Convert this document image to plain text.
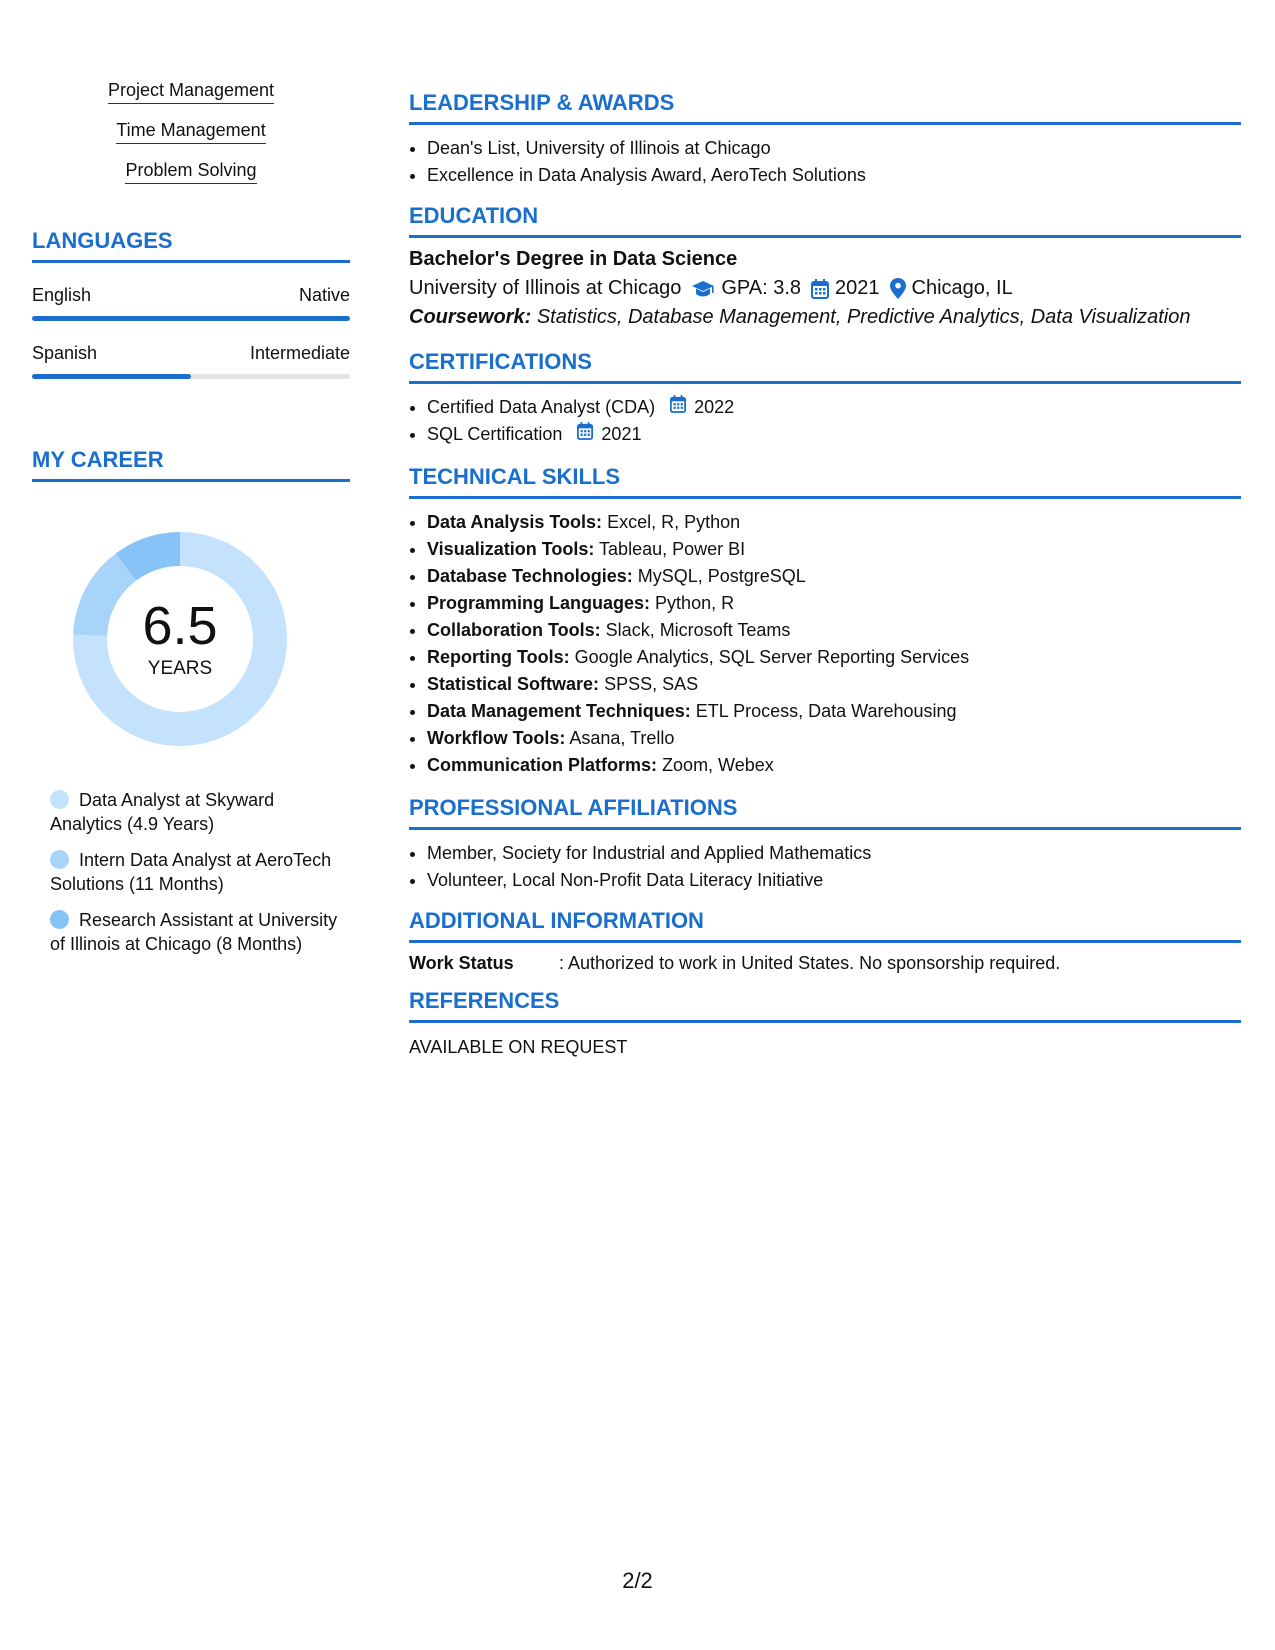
Project Management
Time Management
Problem Solving
LANGUAGES
English	Native
Spanish	Intermediate
MY CAREER
6.5
YEARS
Data Analyst at Skyward Analytics (4.9 Years)
Intern Data Analyst at AeroTech Solutions (11 Months)
Research Assistant at University of Illinois at Chicago (8 Months)
LEADERSHIP & AWARDS
• Dean's List, University of Illinois at Chicago
• Excellence in Data Analysis Award, AeroTech Solutions
EDUCATION
Bachelor's Degree in Data Science
University of Illinois at Chicago GPA: 3.8 2021 Chicago, IL
Coursework: Statistics, Database Management, Predictive Analytics, Data Visualization
CERTIFICATIONS
• Certified Data Analyst (CDA) 2022
• SQL Certification 2021
TECHNICAL SKILLS
• Data Analysis Tools: Excel, R, Python
• Visualization Tools: Tableau, Power BI
• Database Technologies: MySQL, PostgreSQL
• Programming Languages: Python, R
• Collaboration Tools: Slack, Microsoft Teams
• Reporting Tools: Google Analytics, SQL Server Reporting Services
• Statistical Software: SPSS, SAS
• Data Management Techniques: ETL Process, Data Warehousing
• Workflow Tools: Asana, Trello
• Communication Platforms: Zoom, Webex
PROFESSIONAL AFFILIATIONS
• Member, Society for Industrial and Applied Mathematics
• Volunteer, Local Non-Profit Data Literacy Initiative
ADDITIONAL INFORMATION
Work Status	: Authorized to work in United States. No sponsorship required.
REFERENCES
AVAILABLE ON REQUEST
2/2
